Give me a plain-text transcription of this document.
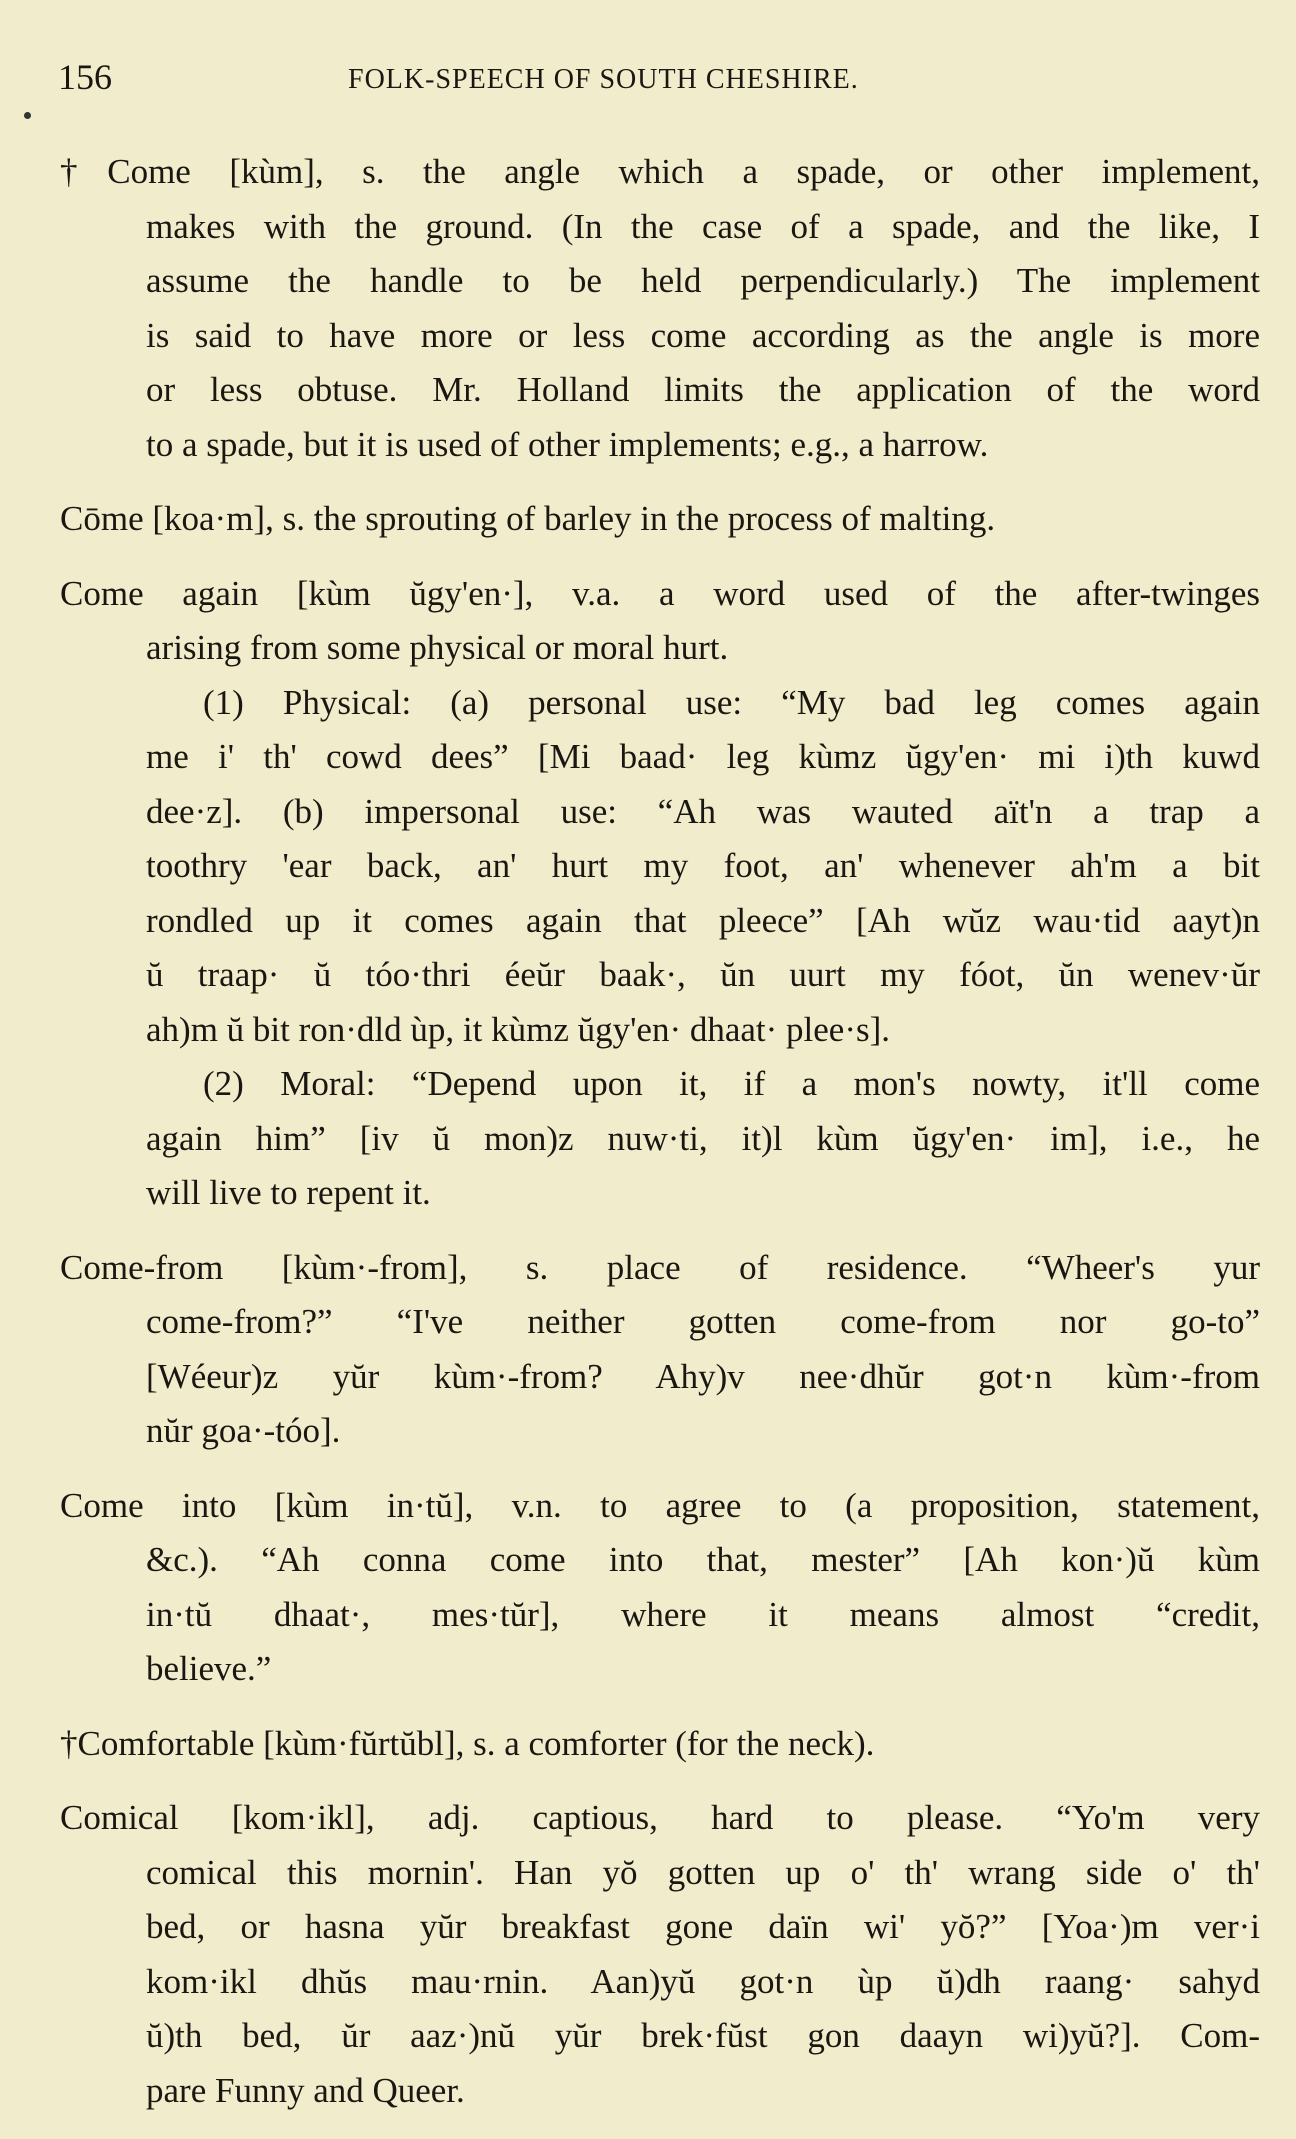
156	FOLK-SPEECH OF SOUTH CHESHIRE.
†Come [kùm], s. the angle which a spade, or other implement,
makes with the ground. (In the case of a spade, and the like, I
assume the handle to be held perpendicularly.) The implement
is said to have more or less come according as the angle is more
or less obtuse. Mr. Holland limits the application of the word
to a spade, but it is used of other implements; e.g., a harrow.
Cōme [koa·m], s. the sprouting of barley in the process of malting.
Come again [kùm ŭgy'en·], v.a. a word used of the after-twinges
arising from some physical or moral hurt.
(1) Physical: (a) personal use: “My bad leg comes again
me i' th' cowd dees” [Mi baad· leg kùmz ŭgy'en· mi i)th kuwd
dee·z]. (b) impersonal use: “Ah was wauted aït'n a trap a
toothry 'ear back, an' hurt my foot, an' whenever ah'm a bit
rondled up it comes again that pleece” [Ah wŭz wau·tid aayt)n
ŭ traap· ŭ tóo·thri éeŭr baak·, ŭn uurt my fóot, ŭn wenev·ŭr
ah)m ŭ bit ron·dld ùp, it kùmz ŭgy'en· dhaat· plee·s].
(2) Moral: “Depend upon it, if a mon's nowty, it'll come
again him” [iv ŭ mon)z nuw·ti, it)l kùm ŭgy'en· im], i.e., he
will live to repent it.
Come-from [kùm·-from], s. place of residence. “Wheer's yur
come-from?” “I've neither gotten come-from nor go-to”
[Wéeur)z yŭr kùm·-from? Ahy)v nee·dhŭr got·n kùm·-from
nŭr goa·-tóo].
Come into [kùm in·tŭ], v.n. to agree to (a proposition, statement,
&c.). “Ah conna come into that, mester” [Ah kon·)ŭ kùm
in·tŭ dhaat·, mes·tŭr], where it means almost “credit,
believe.”
†Comfortable [kùm·fŭrtŭbl], s. a comforter (for the neck).
Comical [kom·ikl], adj. captious, hard to please. “Yo'm very
comical this mornin'. Han yŏ gotten up o' th' wrang side o' th'
bed, or hasna yŭr breakfast gone daïn wi' yŏ?” [Yoa·)m ver·i
kom·ikl dhŭs mau·rnin. Aan)yŭ got·n ùp ŭ)dh raang· sahyd
ŭ)th bed, ŭr aaz·)nŭ yŭr brek·fŭst gon daayn wi)yŭ?]. Com-
pare Funny and Queer.
